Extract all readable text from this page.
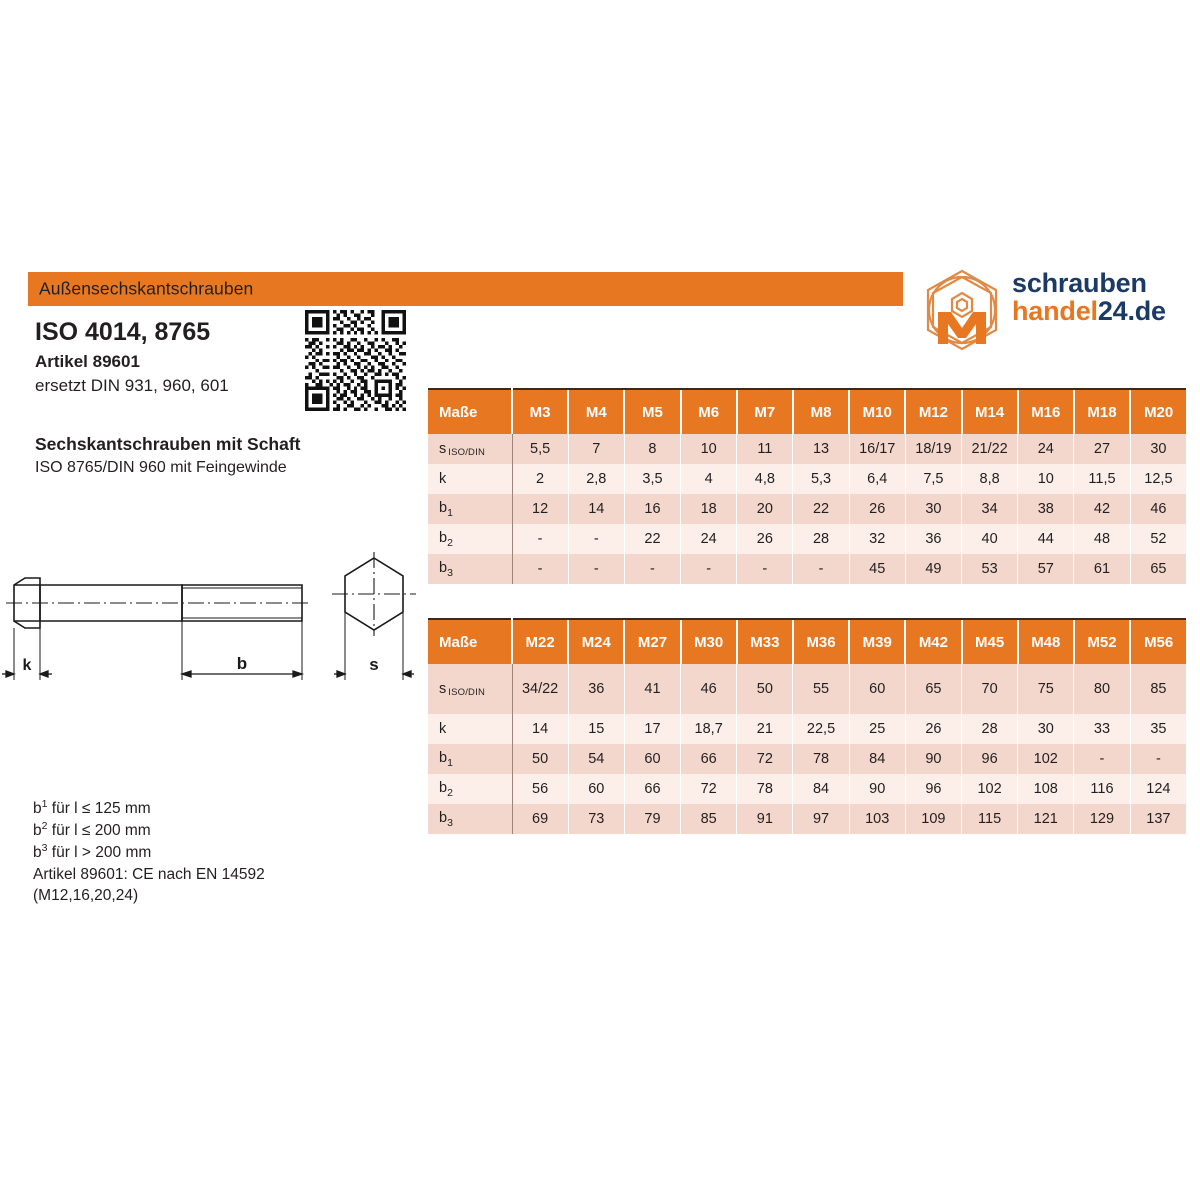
Außensechskantschrauben
ISO 4014, 8765
Artikel 89601
ersetzt DIN 931, 960, 601
Sechskantschrauben mit Schaft
ISO 8765/DIN 960 mit Feingewinde
k	b	s
$b^1$ für l ≤ 125 mm
$b^2$ für l ≤ 200 mm
$b^3$ für l > 200 mm
Artikel 89601: CE nach EN 14592
(M12,16,20,24)
schrauben
handel24.de
Maße	M3	M4	M5	M6	M7	M8	M10	M12	M14	M16	M18	M20
s ISO/DIN	5,5	7	8	10	11	13	16/17	18/19	21/22	24	27	30
k	2	2,8	3,5	4	4,8	5,3	6,4	7,5	8,8	10	11,5	12,5
$b_1$	12	14	16	18	20	22	26	30	34	38	42	46
$b_2$	-	-	22	24	26	28	32	36	40	44	48	52
$b_3$	-	-	-	-	-	-	45	49	53	57	61	65
Maße	M22	M24	M27	M30	M33	M36	M39	M42	M45	M48	M52	M56
s ISO/DIN	34/22	36	41	46	50	55	60	65	70	75	80	85
k	14	15	17	18,7	21	22,5	25	26	28	30	33	35
$b_1$	50	54	60	66	72	78	84	90	96	102	-	-
$b_2$	56	60	66	72	78	84	90	96	102	108	116	124
$b_3$	69	73	79	85	91	97	103	109	115	121	129	137
